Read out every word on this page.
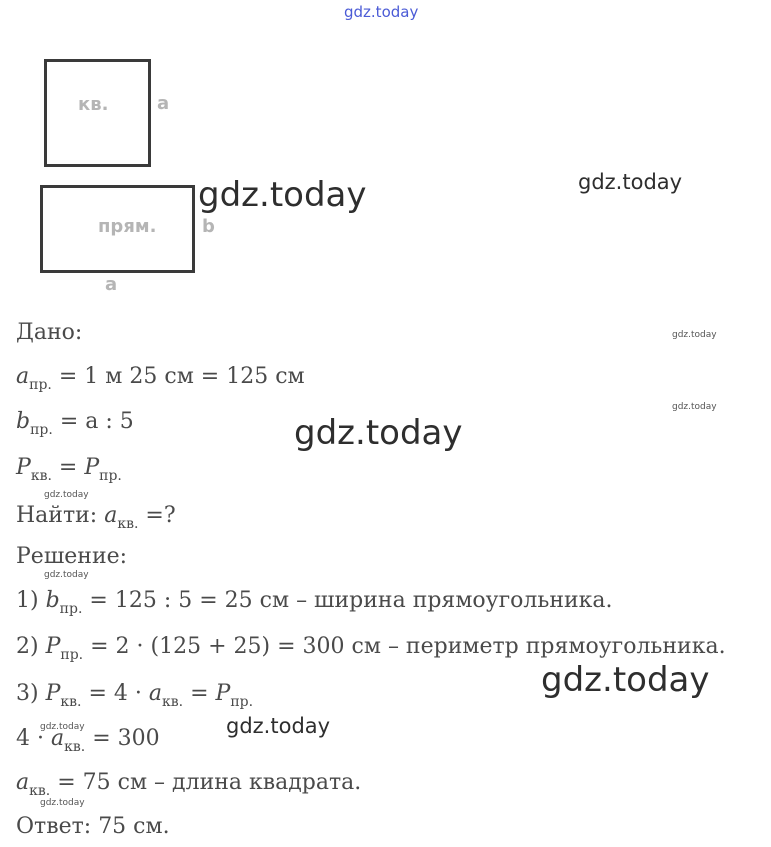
gdz.today
кв.	a
прям.	b
a
gdz.today	gdz.today
gdz.today
gdz.today
gdz.today
gdz.today
gdz.today
gdz.today
gdz.today
gdz.today
gdz.today
Дано:
$a_{пр.} = 1$ м 25 см = 125 см
$b_{пр.} = a$ : 5
$P_{кв.} = P_{пр.}$
Найти: $a_{кв.}$ =?
Решение:
1) $b_{пр.} = 125$ : 5 = 25 см – ширина прямоугольника.
2) $P_{пр.} = 2 \cdot (125 + 25) = 300$ см – периметр прямоугольника.
3) $P_{кв.} = 4 \cdot a_{кв.} = P_{пр.}$
$4 \cdot a_{кв.} = 300$
$a_{кв.} = 75$ см – длина квадрата.
Ответ: 75 см.
